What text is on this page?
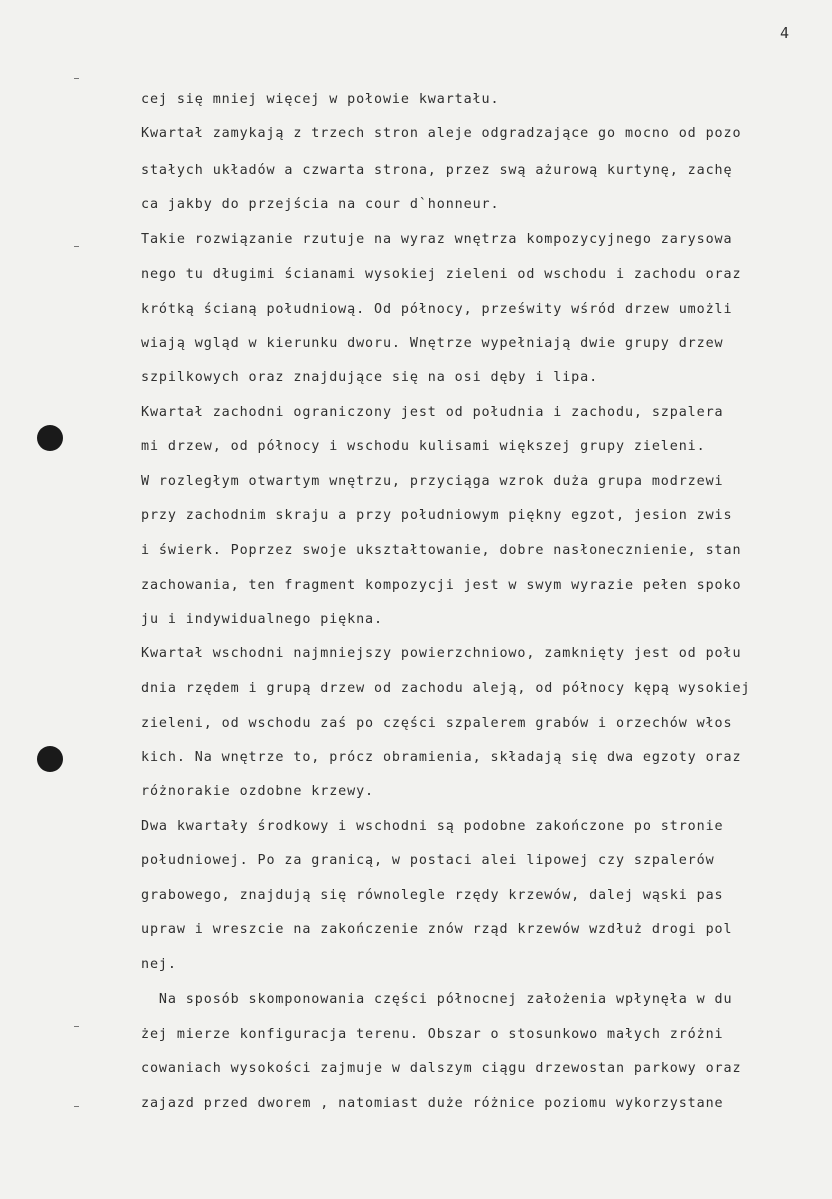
4
cej się mniej więcej w połowie kwartału.
Kwartał zamykają z trzech stron aleje odgradzające go mocno od pozo
stałych układów a czwarta strona, przez swą ażurową kurtynę, zachę
ca jakby do przejścia na cour d`honneur.
Takie rozwiązanie rzutuje na wyraz wnętrza kompozycyjnego zarysowa
nego tu długimi ścianami wysokiej zieleni od wschodu i zachodu oraz
krótką ścianą południową. Od północy, prześwity wśród drzew umożli
wiają wgląd w kierunku dworu. Wnętrze wypełniają dwie grupy drzew
szpilkowych oraz znajdujące się na osi dęby i lipa.
Kwartał zachodni ograniczony jest od południa i zachodu, szpalera
mi drzew, od północy i wschodu kulisami większej grupy zieleni.
W rozległym otwartym wnętrzu, przyciąga wzrok duża grupa modrzewi
przy zachodnim skraju a przy południowym piękny egzot, jesion zwis
i świerk. Poprzez swoje ukształtowanie, dobre nasłonecznienie, stan
zachowania, ten fragment kompozycji jest w swym wyrazie pełen spoko
ju i indywidualnego piękna.
Kwartał wschodni najmniejszy powierzchniowo, zamknięty jest od połu
dnia rzędem i grupą drzew od zachodu aleją, od północy kępą wysokiej
zieleni, od wschodu zaś po części szpalerem grabów i orzechów włos
kich. Na wnętrze to, prócz obramienia, składają się dwa egzoty oraz
różnorakie ozdobne krzewy.
Dwa kwartały środkowy i wschodni są podobne zakończone po stronie
południowej. Po za granicą, w postaci alei lipowej czy szpalerów
grabowego, znajdują się równolegle rzędy krzewów, dalej wąski pas
upraw i wreszcie na zakończenie znów rząd krzewów wzdłuż drogi pol
nej.
Na sposób skomponowania części północnej założenia wpłynęła w du
żej mierze konfiguracja terenu. Obszar o stosunkowo małych zróżni
cowaniach wysokości zajmuje w dalszym ciągu drzewostan parkowy oraz
zajazd przed dworem , natomiast duże różnice poziomu wykorzystane
